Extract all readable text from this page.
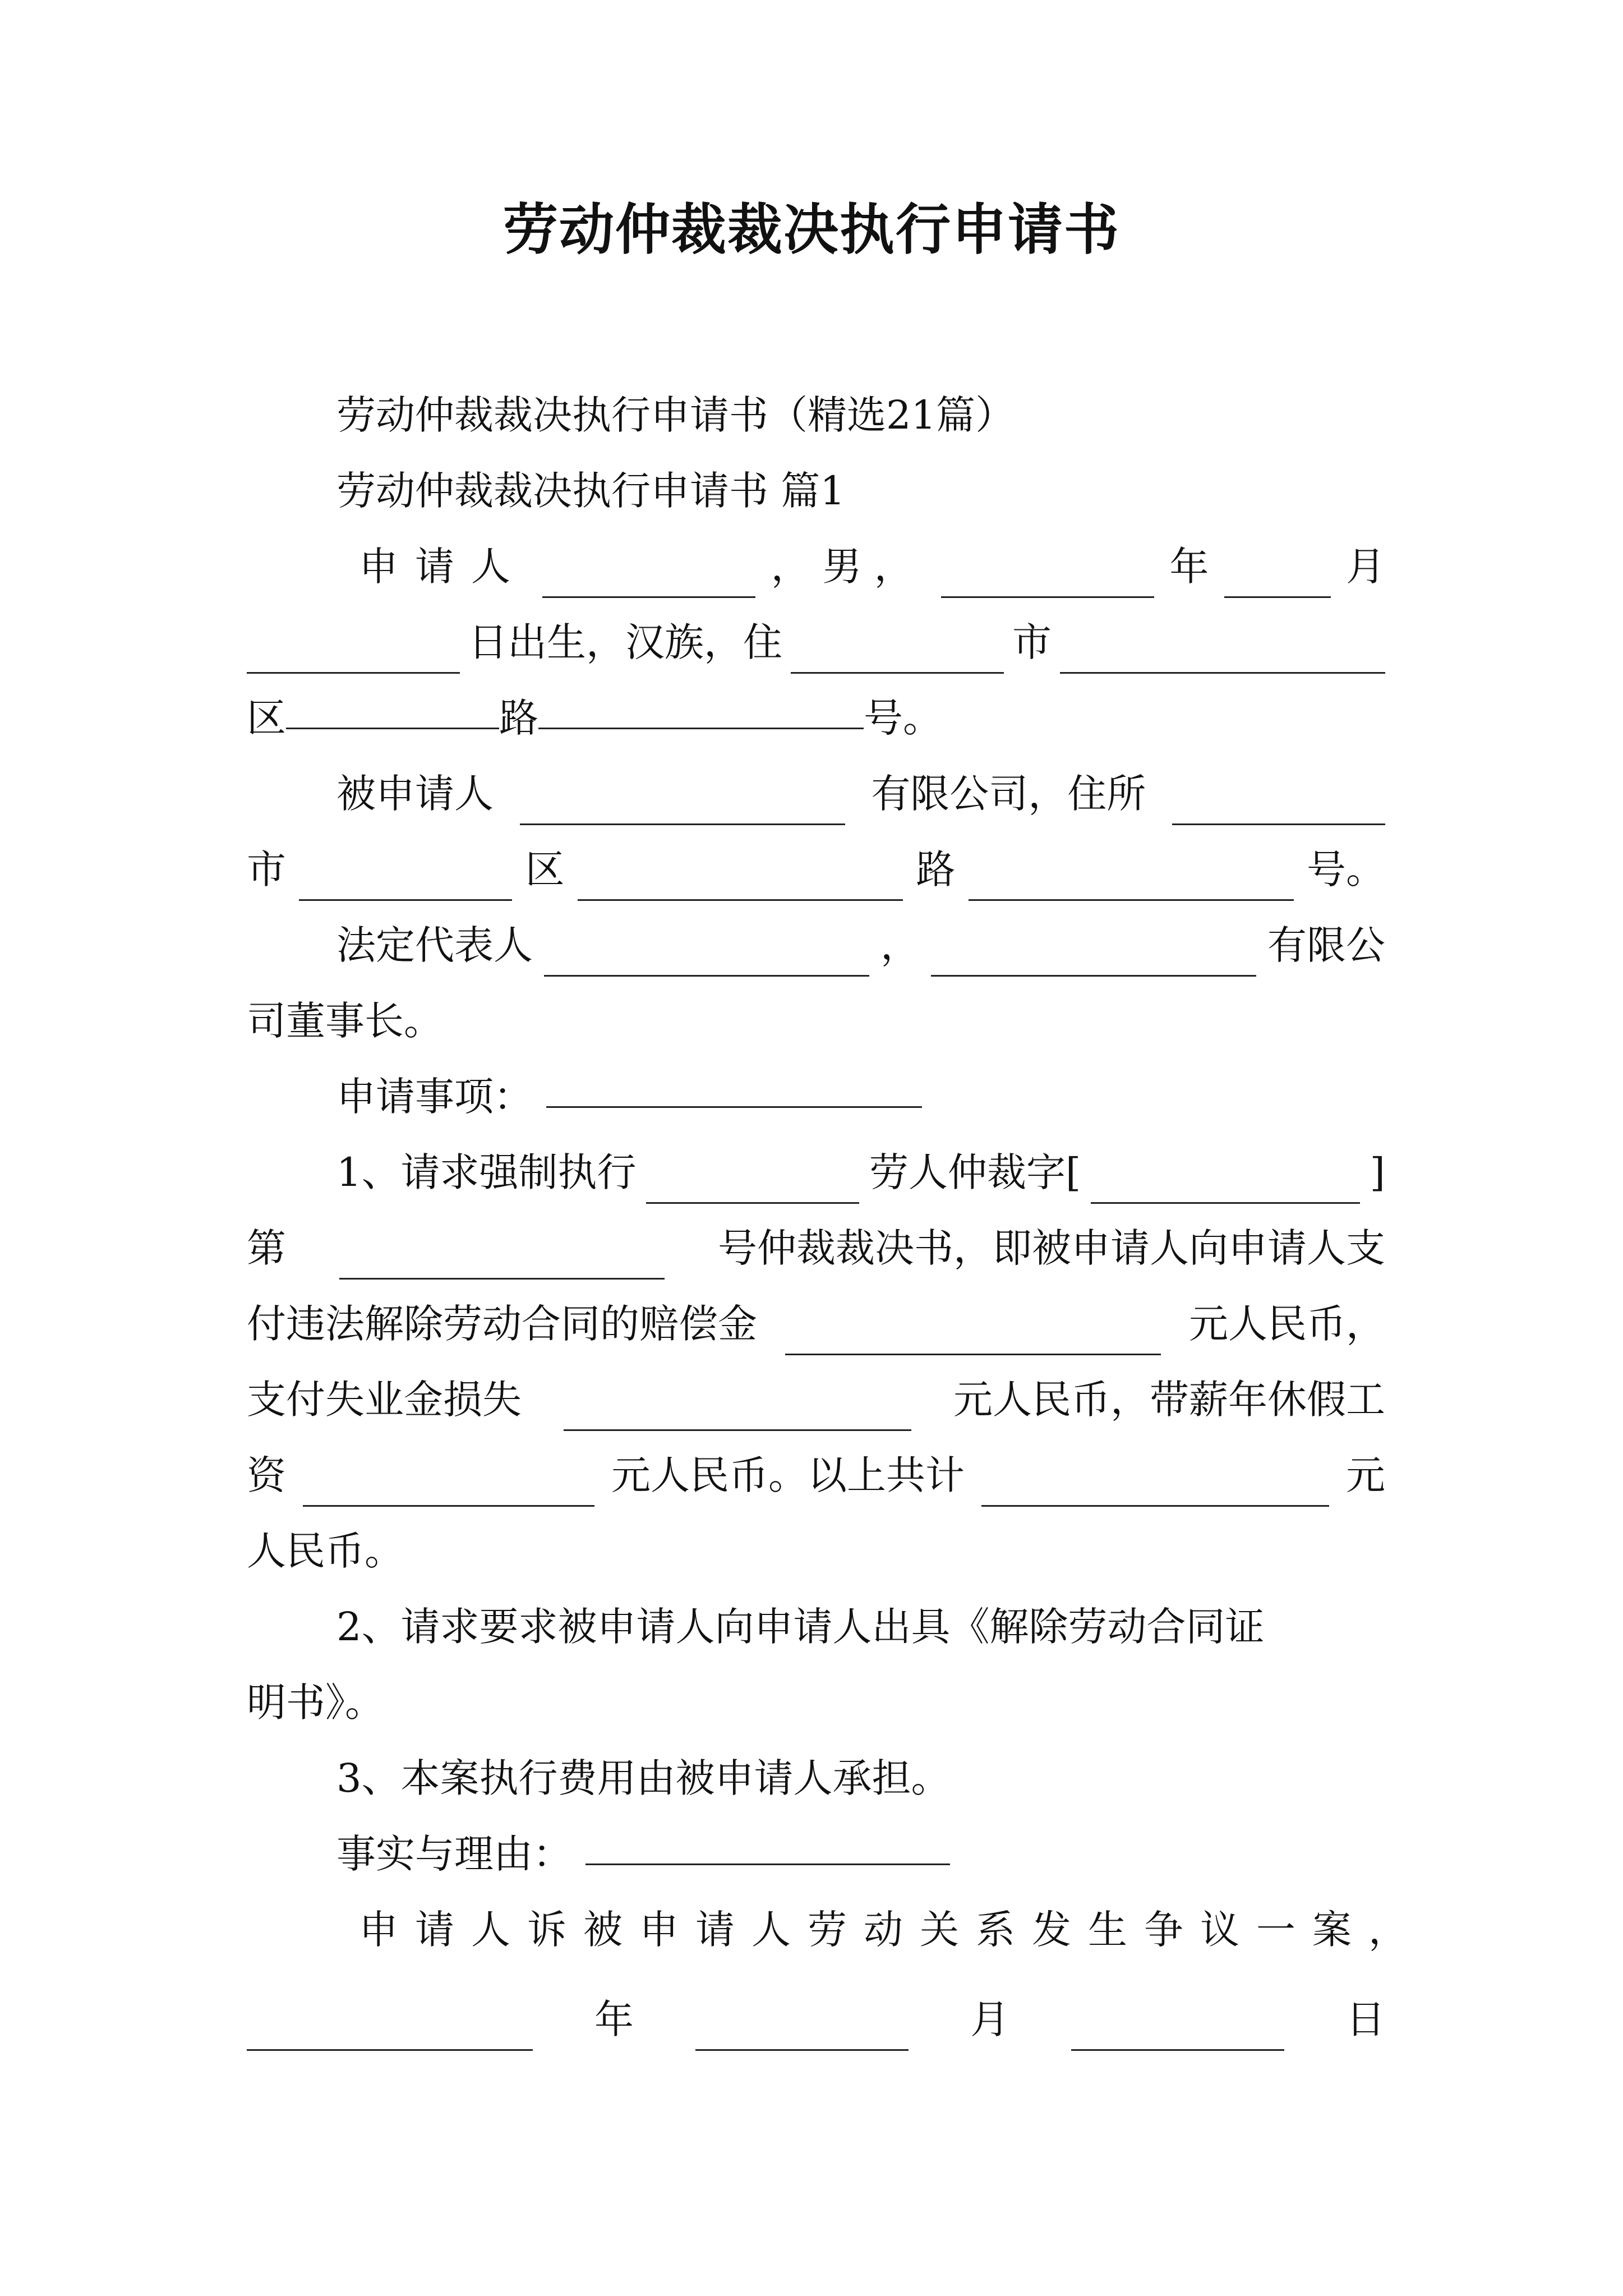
劳动仲裁裁决执行申请书
劳动仲裁裁决执行申请书（精选21篇）
劳动仲裁裁决执行申请书 篇1
申请人	，男，	年	月
日出生，汉族，住	市
区	路	号。
被申请人	有限公司，住所
市	区	路	号。
法定代表人	，	有限公
司董事长。
申请事项：
1、请求强制执行	劳人仲裁字[	]
第	号仲裁裁决书，即被申请人向申请人支
付违法解除劳动合同的赔偿金	元人民币，
支付失业金损失	元人民币，带薪年休假工
资	元人民币。以上共计	元
人民币。
2、请求要求被申请人向申请人出具《解除劳动合同证
明书》。
3、本案执行费用由被申请人承担。
事实与理由：
申请人诉被申请人劳动关系发生争议一案，
年	月	日
